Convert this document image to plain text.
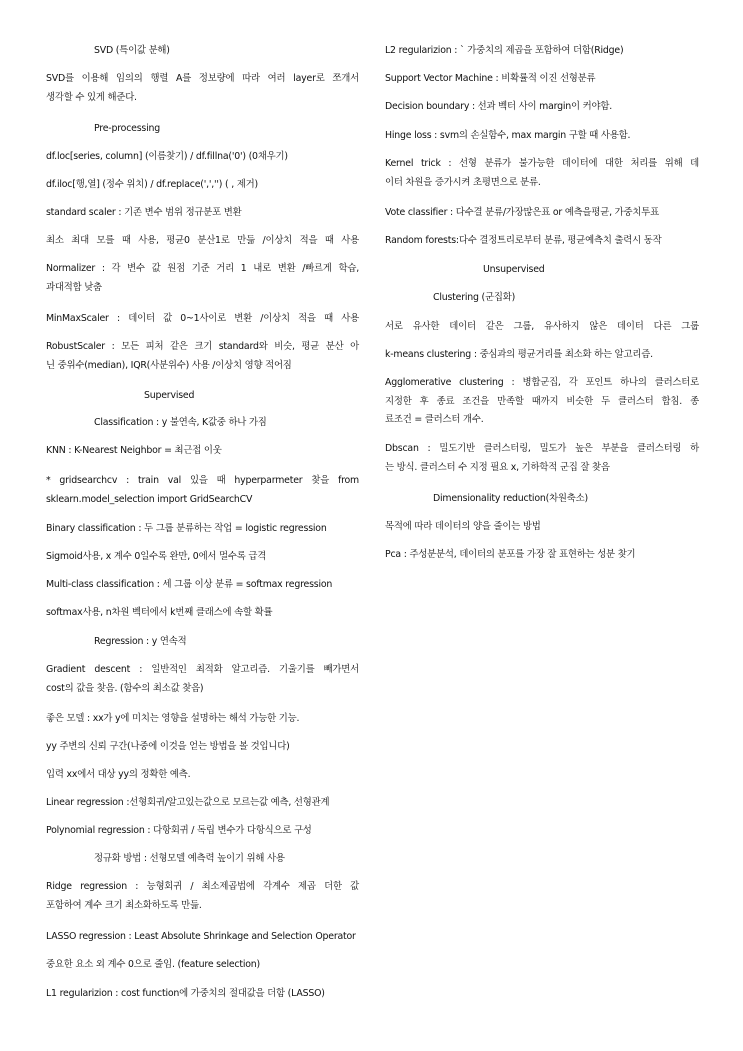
SVD (특이값 분해)
SVD를 이용해 임의의 행렬 A를 정보량에 따라 여러 layer로 쪼개서
생각할 수 있게 해준다.
Pre-processing
df.loc[series, column] (이름찾기) / df.fillna('0') (0채우기)
df.iloc[행,열] (정수 위치) / df.replace(',','') ( , 제거)
standard scaler : 기존 변수 범위 정규분포 변환
최소 최대 모를 때 사용, 평균0 분산1로 만듦 /이상치 적을 때 사용
Normalizer : 각 변수 값 원점 기준 거리 1 내로 변환 /빠르게 학습,
과대적합 낮춤
MinMaxScaler : 데이터 값 0~1사이로 변환 /이상치 적을 때 사용
RobustScaler : 모든 피처 같은 크기 standard와 비슷, 평균 분산 아
닌 중위수(median), IQR(사분위수) 사용 /이상치 영향 적어짐
Supervised
Classification : y 불연속, K값중 하나 가짐
KNN : K-Nearest Neighbor = 최근접 이웃
* gridsearchcv : train val 있을 때 hyperparmeter 찾을 from
sklearn.model_selection import GridSearchCV
Binary classification : 두 그룹 분류하는 작업 = logistic regression
Sigmoid사용, x 계수 0일수록 완만, 0에서 멀수록 급격
Multi-class classification : 세 그룹 이상 분류 = softmax regression
softmax사용, n차원 벡터에서 k번째 클래스에 속할 확률
Regression : y 연속적
Gradient descent : 일반적인 최적화 알고리즘. 기울기를 빼가면서
cost의 값을 찾음. (함수의 최소값 찾음)
좋은 모델 : xx가 y에 미치는 영향을 설명하는 해석 가능한 기능.
yy 주변의 신뢰 구간(나중에 이것을 얻는 방법을 볼 것입니다)
입력 xx에서 대상 yy의 정확한 예측.
Linear regression :선형회귀/알고있는값으로 모르는값 예측, 선형관계
Polynomial regression : 다항회귀 / 독립 변수가 다항식으로 구성
정규화 방법 : 선형모델 예측력 높이기 위해 사용
Ridge regression : 능형회귀 / 최소제곱법에 각계수 제곱 더한 값
포함하여 계수 크기 최소화하도록 만듦.
LASSO regression : Least Absolute Shrinkage and Selection Operator
중요한 요소 외 계수 0으로 줄임. (feature selection)
L1 regularizion : cost function에 가중치의 절대값을 더함 (LASSO)
L2 regularizion : ` 가중치의 제곱을 포함하여 더함(Ridge)
Support Vector Machine : 비확률적 이진 선형분류
Decision boundary : 선과 벡터 사이 margin이 커야함.
Hinge loss : svm의 손실함수, max margin 구할 때 사용함.
Kernel trick : 선형 분류가 불가능한 데이터에 대한 처리를 위해 데
이터 차원을 증가시켜 초평면으로 분류.
Vote classifier : 다수결 분류/가장많은표 or 예측을평균, 가중치투표
Random forests:다수 결정트리로부터 분류, 평균예측치 출력시 동작
Unsupervised
Clustering (군집화)
서로 유사한 데이터 같은 그룹, 유사하지 않은 데이터 다른 그룹
k-means clustering : 중심과의 평균거리를 최소화 하는 알고리즘.
Agglomerative clustering : 병합군집, 각 포인트 하나의 클러스터로
지정한 후 종료 조건을 만족할 때까지 비슷한 두 클러스터 합침. 종
료조건 = 클러스터 개수.
Dbscan : 밀도기반 클러스터링, 밀도가 높은 부분을 클러스터링 하
는 방식. 클러스터 수 지정 필요 x, 기하학적 군집 잘 찾음
Dimensionality reduction(차원축소)
목적에 따라 데이터의 양을 줄이는 방법
Pca : 주성분분석, 데이터의 분포를 가장 잘 표현하는 성분 찾기
